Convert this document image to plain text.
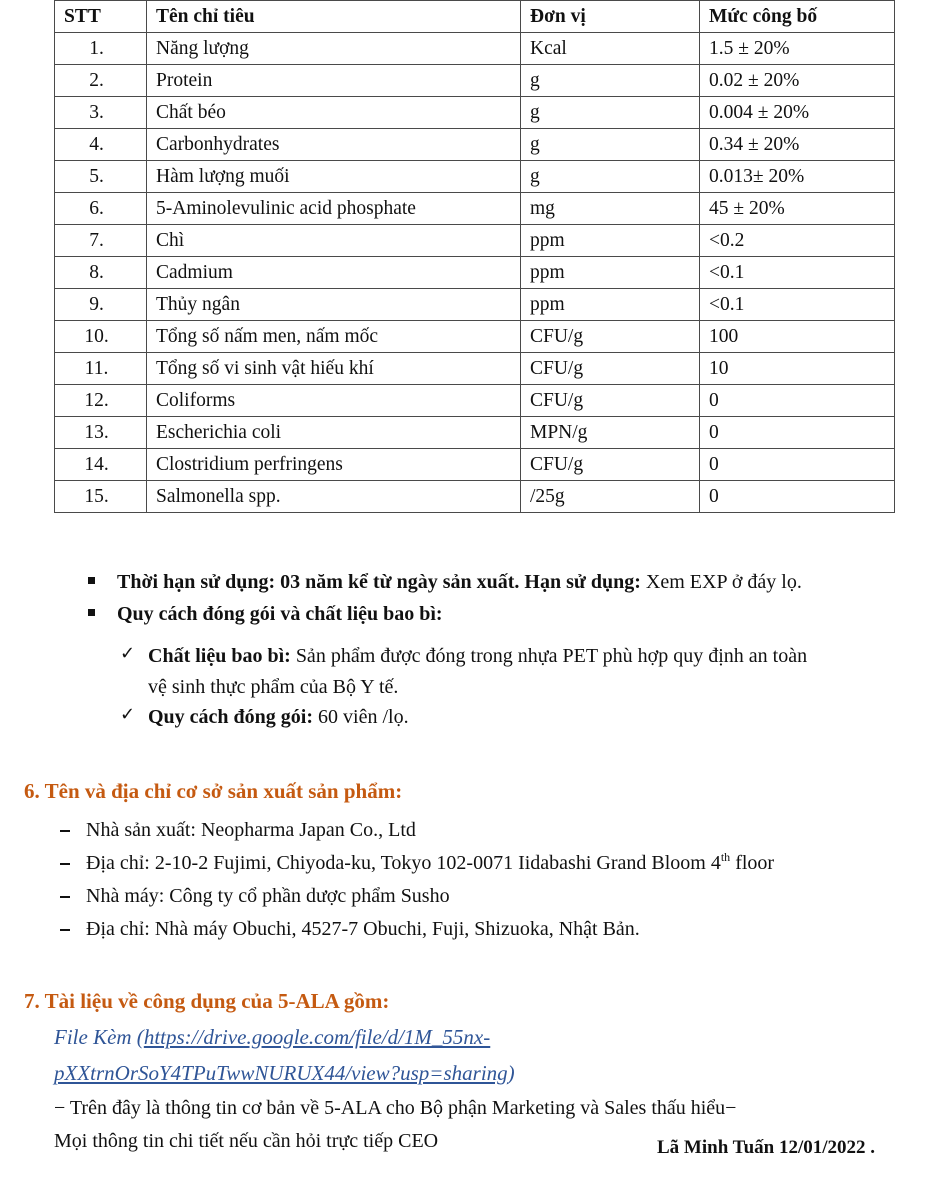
STT	Tên chỉ tiêu	Đơn vị	Mức công bố
1.	Năng lượng	Kcal	1.5 ± 20%
2.	Protein	g	0.02 ± 20%
3.	Chất béo	g	0.004 ± 20%
4.	Carbonhydrates	g	0.34 ± 20%
5.	Hàm lượng muối	g	0.013± 20%
6.	5-Aminolevulinic acid phosphate	mg	45 ± 20%
7.	Chì	ppm	<0.2
8.	Cadmium	ppm	<0.1
9.	Thủy ngân	ppm	<0.1
10.	Tổng số nấm men, nấm mốc	CFU/g	100
11.	Tổng số vi sinh vật hiếu khí	CFU/g	10
12.	Coliforms	CFU/g	0
13.	Escherichia coli	MPN/g	0
14.	Clostridium perfringens	CFU/g	0
15.	Salmonella spp.	/25g	0
Thời hạn sử dụng: 03 năm kể từ ngày sản xuất. Hạn sử dụng: Xem EXP ở đáy lọ.
Quy cách đóng gói và chất liệu bao bì:
✓ Chất liệu bao bì: Sản phẩm được đóng trong nhựa PET phù hợp quy định an toàn
vệ sinh thực phẩm của Bộ Y tế.
✓ Quy cách đóng gói: 60 viên /lọ.
6. Tên và địa chỉ cơ sở sản xuất sản phẩm:
Nhà sản xuất: Neopharma Japan Co., Ltd
Địa chỉ: 2-10-2 Fujimi, Chiyoda-ku, Tokyo 102-0071 Iidabashi Grand Bloom 4th floor
Nhà máy: Công ty cổ phần dược phẩm Susho
Địa chỉ: Nhà máy Obuchi, 4527-7 Obuchi, Fuji, Shizuoka, Nhật Bản.
7. Tài liệu về công dụng của 5-ALA gồm:
File Kèm (https://drive.google.com/file/d/1M_55nx-
pXXtrnOrSoY4TPuTwwNURUX44/view?usp=sharing)
− Trên đây là thông tin cơ bản về 5-ALA cho Bộ phận Marketing và Sales thấu hiểu−
Mọi thông tin chi tiết nếu cần hỏi trực tiếp CEO	Lã Minh Tuấn 12/01/2022 .
